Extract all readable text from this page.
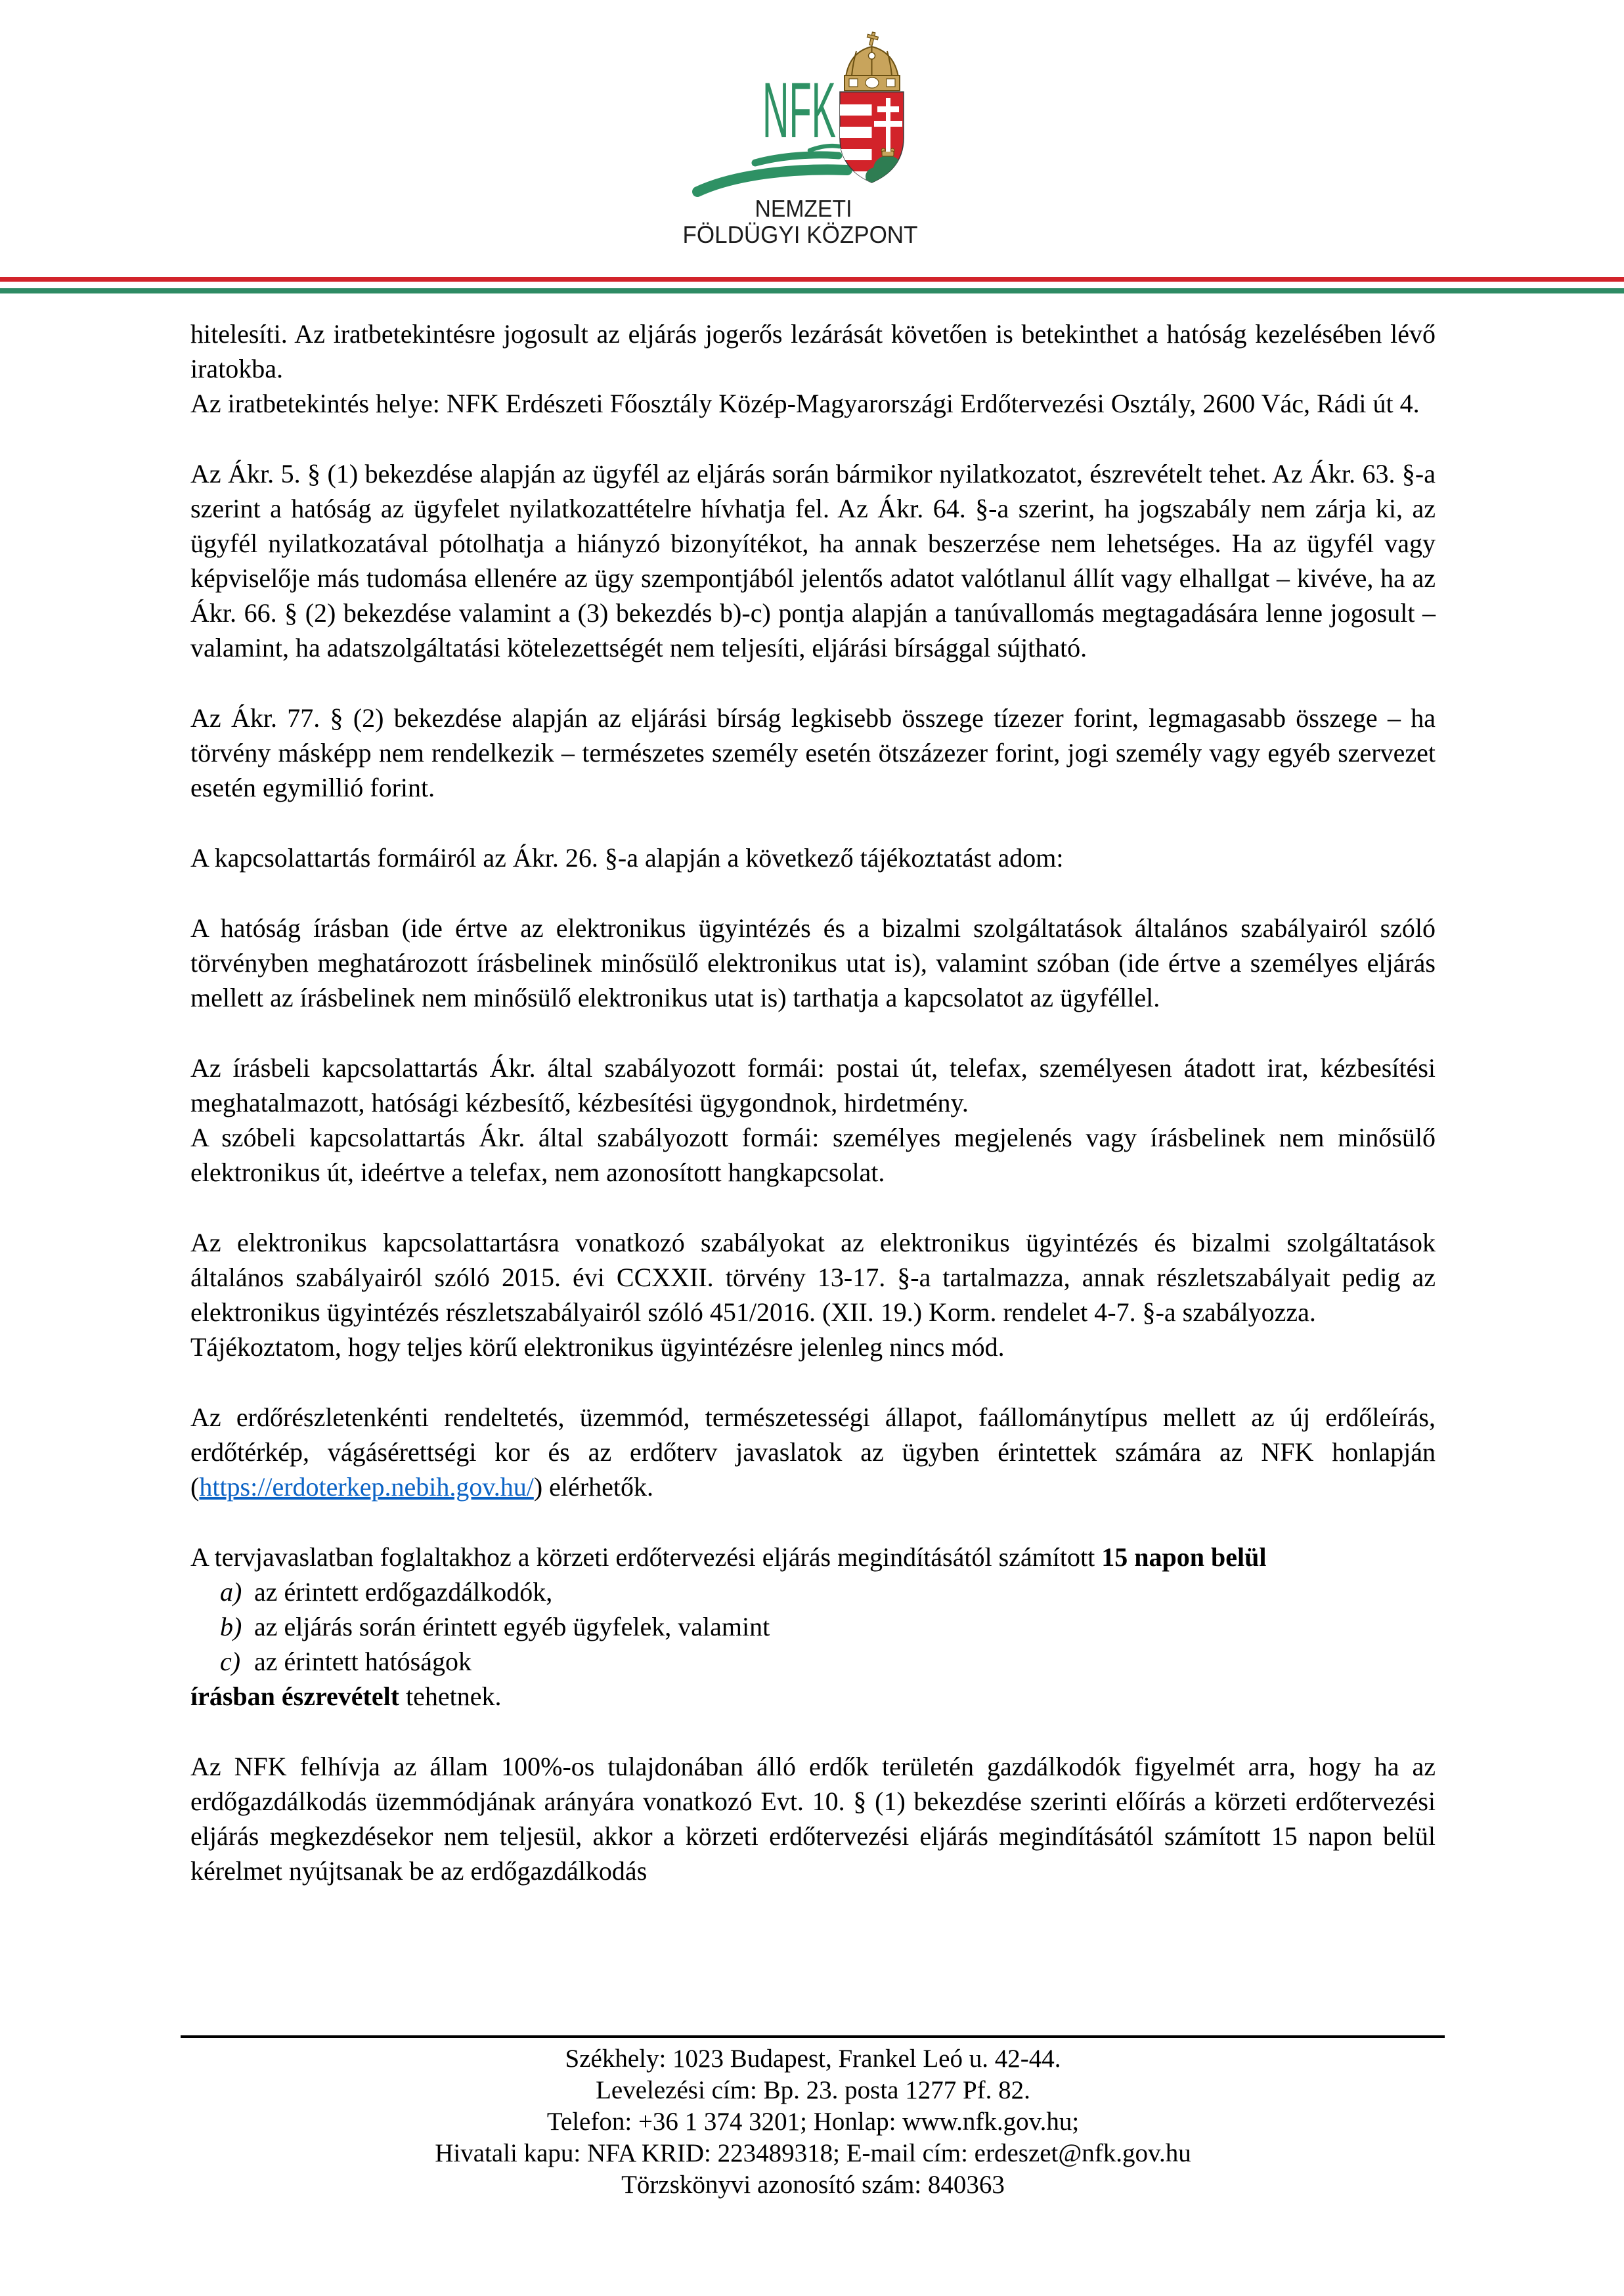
NFK
NEMZETI
FÖLDÜGYI KÖZPONT

hitelesíti. Az iratbetekintésre jogosult az eljárás jogerős lezárását követően is betekinthet a hatóság kezelésében lévő iratokba.

Az iratbetekintés helye: NFK Erdészeti Főosztály Közép-Magyarországi Erdőtervezési Osztály, 2600 Vác, Rádi út 4.

Az Ákr. 5. § (1) bekezdése alapján az ügyfél az eljárás során bármikor nyilatkozatot, észrevételt tehet. Az Ákr. 63. §-a szerint a hatóság az ügyfelet nyilatkozattételre hívhatja fel. Az Ákr. 64. §-a szerint, ha jogszabály nem zárja ki, az ügyfél nyilatkozatával pótolhatja a hiányzó bizonyítékot, ha annak beszerzése nem lehetséges. Ha az ügyfél vagy képviselője más tudomása ellenére az ügy szempontjából jelentős adatot valótlanul állít vagy elhallgat – kivéve, ha az Ákr. 66. § (2) bekezdése valamint a (3) bekezdés b)-c) pontja alapján a tanúvallomás megtagadására lenne jogosult – valamint, ha adatszolgáltatási kötelezettségét nem teljesíti, eljárási bírsággal sújtható.

Az Ákr. 77. § (2) bekezdése alapján az eljárási bírság legkisebb összege tízezer forint, legmagasabb összege – ha törvény másképp nem rendelkezik – természetes személy esetén ötszázezer forint, jogi személy vagy egyéb szervezet esetén egymillió forint.

A kapcsolattartás formáiról az Ákr. 26. §-a alapján a következő tájékoztatást adom:

A hatóság írásban (ide értve az elektronikus ügyintézés és a bizalmi szolgáltatások általános szabályairól szóló törvényben meghatározott írásbelinek minősülő elektronikus utat is), valamint szóban (ide értve a személyes eljárás mellett az írásbelinek nem minősülő elektronikus utat is) tarthatja a kapcsolatot az ügyféllel.

Az írásbeli kapcsolattartás Ákr. által szabályozott formái: postai út, telefax, személyesen átadott irat, kézbesítési meghatalmazott, hatósági kézbesítő, kézbesítési ügygondnok, hirdetmény.

A szóbeli kapcsolattartás Ákr. által szabályozott formái: személyes megjelenés vagy írásbelinek nem minősülő elektronikus út, ideértve a telefax, nem azonosított hangkapcsolat.

Az elektronikus kapcsolattartásra vonatkozó szabályokat az elektronikus ügyintézés és bizalmi szolgáltatások általános szabályairól szóló 2015. évi CCXXII. törvény 13-17. §-a tartalmazza, annak részletszabályait pedig az elektronikus ügyintézés részletszabályairól szóló 451/2016. (XII. 19.) Korm. rendelet 4-7. §-a szabályozza.

Tájékoztatom, hogy teljes körű elektronikus ügyintézésre jelenleg nincs mód.

Az erdőrészletenkénti rendeltetés, üzemmód, természetességi állapot, faállománytípus mellett az új erdőleírás, erdőtérkép, vágásérettségi kor és az erdőterv javaslatok az ügyben érintettek számára az NFK honlapján (https://erdoterkep.nebih.gov.hu/) elérhetők.

A tervjavaslatban foglaltakhoz a körzeti erdőtervezési eljárás megindításától számított 15 napon belül

a) az érintett erdőgazdálkodók,
b) az eljárás során érintett egyéb ügyfelek, valamint
c) az érintett hatóságok

írásban észrevételt tehetnek.

Az NFK felhívja az állam 100%-os tulajdonában álló erdők területén gazdálkodók figyelmét arra, hogy ha az erdőgazdálkodás üzemmódjának arányára vonatkozó Evt. 10. § (1) bekezdése szerinti előírás a körzeti erdőtervezési eljárás megkezdésekor nem teljesül, akkor a körzeti erdőtervezési eljárás megindításától számított 15 napon belül kérelmet nyújtsanak be az erdőgazdálkodás

Székhely: 1023 Budapest, Frankel Leó u. 42-44.
Levelezési cím: Bp. 23. posta 1277 Pf. 82.
Telefon: +36 1 374 3201; Honlap: www.nfk.gov.hu;
Hivatali kapu: NFA KRID: 223489318; E-mail cím: erdeszet@nfk.gov.hu
Törzskönyvi azonosító szám: 840363
